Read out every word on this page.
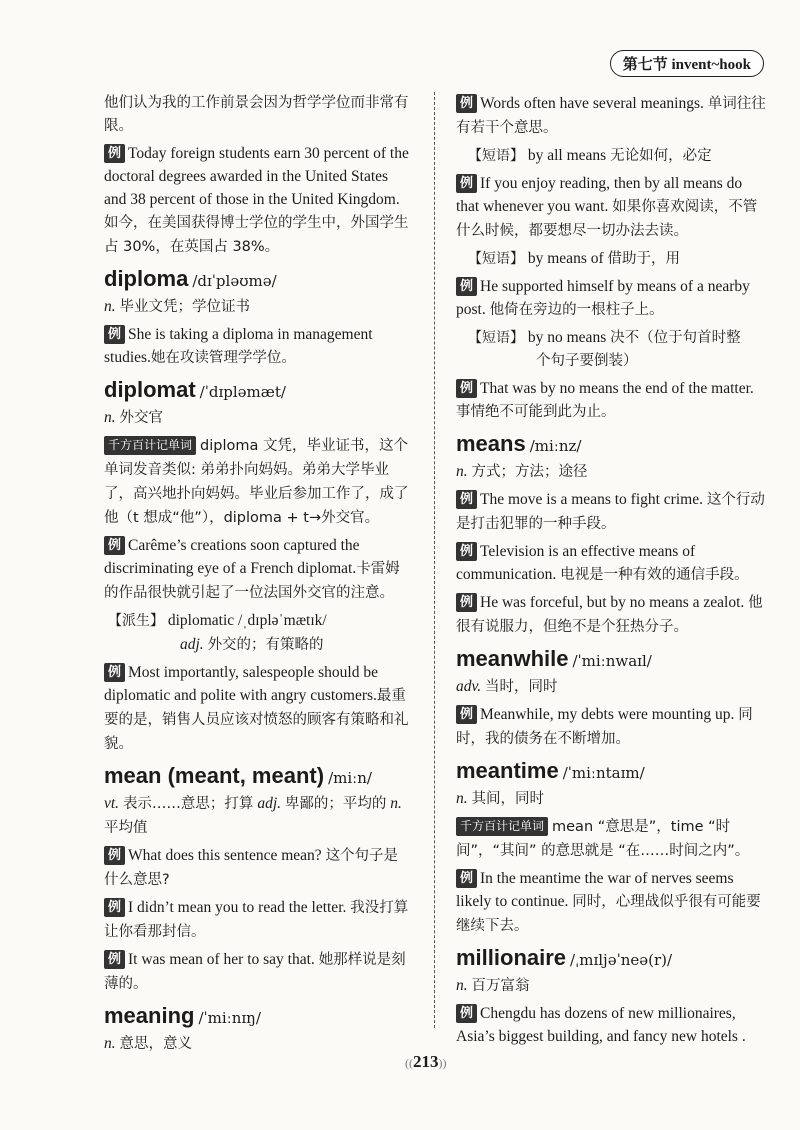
第七节 invent~hook

他们认为我的工作前景会因为哲学学位而非常有限。

例 Today foreign students earn 30 percent of the doctoral degrees awarded in the United States and 38 percent of those in the United Kingdom.如今，在美国获得博士学位的学生中，外国学生占 30%，在英国占 38%。

diploma /dɪˈpləʊmə/

n. 毕业文凭；学位证书

例 She is taking a diploma in management studies.她在攻读管理学学位。

diplomat /ˈdɪpləmæt/

n. 外交官

千方百计记单词 diploma 文凭，毕业证书，这个单词发音类似: 弟弟扑向妈妈。弟弟大学毕业了，高兴地扑向妈妈。毕业后参加工作了，成了他（t 想成“他”），diploma + t→外交官。

例 Carême’s creations soon captured the discriminating eye of a French diplomat.卡雷姆的作品很快就引起了一位法国外交官的注意。

【派生】 diplomatic /ˌdɪpləˈmætɪk/
adj. 外交的；有策略的

例 Most importantly, salespeople should be diplomatic and polite with angry customers.最重要的是，销售人员应该对愤怒的顾客有策略和礼貌。

mean (meant, meant) /miːn/

vt. 表示……意思；打算 adj. 卑鄙的；平均的 n. 平均值

例 What does this sentence mean? 这个句子是什么意思?

例 I didn’t mean you to read the letter. 我没打算让你看那封信。

例 It was mean of her to say that. 她那样说是刻薄的。

meaning /ˈmiːnɪŋ/

n. 意思，意义

例 Words often have several meanings. 单词往往有若干个意思。

【短语】 by all means 无论如何，必定

例 If you enjoy reading, then by all means do that whenever you want. 如果你喜欢阅读，不管什么时候，都要想尽一切办法去读。

【短语】 by means of 借助于，用

例 He supported himself by means of a nearby post. 他倚在旁边的一根柱子上。

【短语】 by no means 决不（位于句首时整
个句子要倒装）

例 That was by no means the end of the matter. 事情绝不可能到此为止。

means /miːnz/

n. 方式；方法；途径

例 The move is a means to fight crime. 这个行动是打击犯罪的一种手段。

例 Television is an effective means of communication. 电视是一种有效的通信手段。

例 He was forceful, but by no means a zealot. 他很有说服力，但绝不是个狂热分子。

meanwhile /ˈmiːnwaɪl/

adv. 当时，同时

例 Meanwhile, my debts were mounting up. 同时，我的债务在不断增加。

meantime /ˈmiːntaɪm/

n. 其间，同时

千方百计记单词 mean “意思是”，time “时间”，“其间” 的意思就是 “在……时间之内”。

例 In the meantime the war of nerves seems likely to continue. 同时，心理战似乎很有可能要继续下去。

millionaire /ˌmɪljəˈneə(r)/

n. 百万富翁

例 Chengdu has dozens of new millionaires, Asia’s biggest building, and fancy new hotels .

(( 213 ))
